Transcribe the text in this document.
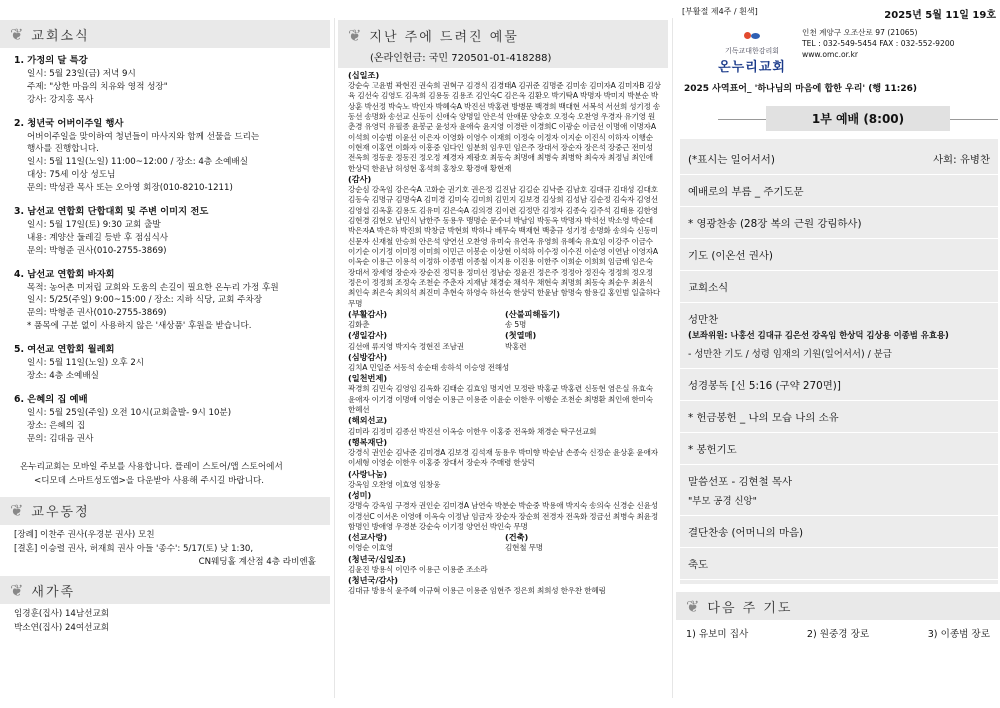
❦ 교회소식
1. 가정의 달 특강
일시: 5월 23일(금) 저녁 9시
주제: "상한 마음의 치유와 영적 성장"
강사: 강지홍 목사
2. 청년국 어버이주일 행사
어버이주일을 맞이하여 청년들이 마사지와 함께 선물을 드리는
행사를 진행합니다.
일시: 5월 11일(노일) 11:00~12:00 / 장소: 4층 소예배실
대상: 75세 이상 성도님
문의: 박성관 목사 또는 오아영 회장(010-8210-1211)
3. 남선교 연합회 단합대회 및 주변 이미지 전도
일시: 5월 17일(토) 9:30 교회 출발
내용: 계양산 둘레길 등반 후 점심식사
문의: 박형준 권사(010-2755-3869)
4. 남선교 연합회 바자회
목적: 농어촌 미저립 교회와 도움의 손길이 필요한 온누리 가정 후원
일시: 5/25(주일) 9:00~15:00 / 장소: 지하 식당, 교회 주차장
문의: 박형준 권사(010-2755-3869)
* 품목에 구분 없이 사용하지 않은 '새상품' 후원을 받습니다.
5. 여선교 연합회 월례회
일시: 5월 11일(노일) 오후 2시
장소: 4층 소예배실
6. 은혜의 집 예배
일시: 5월 25일(주일) 오전 10시(교회출발- 9시 10분)
장소: 은혜의 집
문의: 김대음 권사
온누리교회는 모바일 주보를 사용합니다. 플레이 스토어/앱 스토어에서
<디모데 스마트성도앱>을 다운받아 사용해 주시길 바랍니다.
❦ 교우동정
[장례] 이찬주 권사(우경분 권사) 모친
[결혼] 이승렬 권사, 허재희 권사 아들 '종수': 5/17(토) 낮 1:30,
CN웨딩홀 계산점 4층 라비엔홀
❦ 새가족
임경훈(집사) 14남선교회
박소연(집사) 24여선교회
❦ 지난 주에 드려진 예물
(온라인헌금: 국민 720501-01-418288)
(십일조)
강순숙 고윤범 곽현진 권숙희 권혁구 김경식 김경태A 김귀준 김명준 김미송 김미자A 김미자B 김상육 김선숙 김영도 김옥희 김용동 김용조 김인숙C 김은옥 김환오 박기탁A 박명자 박미지 박분순 박상훈 박선정 박숙노 박인자 박혜숙A 박진선 박홍련 방병문 백경희 백대현 서복석 서선희 성기정 송동선 송명화 송선교 신동이 신애숙 양명일 안은석 안애문 양숭호 오정숙 오찬영 우경자 유기영 원춘경 유영덕 유필종 윤봉군 윤성자 윤애숙 윤지영 이경란 이경희C 이광순 이금선 이명애 이명자A 이석희 이승범 이윤선 이은자 이영화 이영수 이재희 이정숙 이정자 이지순 이진식 이하자 이행순 이현재 이홍연 이화자 이흥중 임다인 임분희 임우민 임은주 장대서 장순자 장은석 장중근 전미성 전옥희 정동운 정동진 정오정 제경자 제광호 최동숙 최명애 최병숙 최병학 최숙자 최정님 최인애 한상덕 한윤남 허성현 홍석희 홍창오 황경애 황현재
(감사)
강순심 강옥임 강은숙A 고화순 권기호 권은정 길진남 김길순 김낙준 김남호 김대규 김대성 김대호 김동숙 김명규 김명숙A 김미경 김미숙 김미희 김민지 김보경 김상희 김성남 김순정 김숙자 김영선 김영섭 김옥훈 김용도 김유미 김은숙A 김의경 김이련 김정만 김정자 김종숙 김주석 김태용 김한영 김현경 김현오 남민식 남한주 동용우 맹명순 문수녀 박남임 박동옥 박명자 박석선 박소영 박순대 박은자A 박은하 박진희 박창금 박현희 박하나 배무숙 백재현 백충규 성기정 송명화 송의숙 신동미 신문자 신재철 안승희 안은석 양연선 오찬영 유미숙 유연옥 유영희 유혜숙 유효임 이강주 이금수 이기순 이기정 이미정 이미희 이민근 이봉순 이상현 이석하 이수정 이수진 이순영 이연남 이영자A 이옥순 이용근 이용석 이정하 이종범 이종철 이지용 이진용 이한주 이희순 이희희 임금배 임은숙 장대서 장세영 장순자 장순진 정덕용 정미선 정남순 정윤진 정은주 정정아 정진숙 정정희 정오정 정은이 정정희 조정숙 조천순 주춘자 지재남 채경순 채석우 채현숙 최명희 최동숙 최순우 최윤식 최인숙 최은숙 최의석 최진미 추현숙 하영숙 하선숙 한상덕 한윤남 함명숙 함용길 홍인범 일출하다 무명
(부활감사)
김화춘
(산불피해돕기)
송 5명
(생일감사)
김선애 류지영 박지숙 정현진 조남권
(첫열매)
박홍련
(심방감사)
김치A 민일준 서동석 송순태 송하석 이승영 전해성
(일천번제)
곽경희 김민숙 김영임 김옥화 김태순 김효임 명지연 모정란 박홍균 박홍련 신동현 염은실 유효숙 윤애자 이기경 이명애 이영순 이용근 이용준 이윤순 이한우 이행순 조천순 최병환 최인애 한미숙 한혜선
(해외선교)
김미라 김정미 김종선 박진선 이옥승 이한우 이홍중 전옥화 채경순 탁구선교회
(행복재단)
강경식 권인순 김낙준 김미경A 김보경 김석재 동용우 박미향 박순남 손종숙 신정순 윤상훈 윤애자 이세형 이영순 이한우 이홍중 장대서 장순자 주매령 한상덕
(사랑나눔)
강옥임 오찬영 이효영 임창웅
(성미)
강명숙 강옥임 구경자 권인순 김미경A 남연숙 박분순 박순중 박용애 박지숙 송의숙 신경순 신윤성 이경선C 이서온 이영애 이옥숙 이정남 임금자 장순자 장순희 전경자 전옥화 정금선 최병숙 최윤정 함명인 방애영 우경분 강순숙 이기정 양연선 박인숙 무명
(선교사랑)
이영순 이효영
(건축)
김현철 무명
(청년국/십일조)
김윤진 방용식 이민주 이용근 이용준 조소라
(청년국/감사)
김대규 방용식 윤주혜 이규혁 이용근 이용준 임현주 정은희 최희성 한우찬 한혜림
[부활절 제4주 / 흰색]	2025년 5월 11일 19호
기독교대한감리회
온누리교회
인천 계양구 오조산로 97 (21065)
TEL : 032-549-5454 FAX : 032-552-9200
www.omc.or.kr
2025 사역표어_ '하나님의 마음에 합한 우리' (행 11:26)
1부 예배 (8:00)
(*표시는 일어서서)	사회: 유병찬
예배로의 부름 _ 주기도문
* 영광찬송 (28장 복의 근원 강림하사)
기도 (이온선 권사)
교회소식
성만찬
(보좌위원: 나홍선 김대규 김은선 강옥임 한상덕 김상용 이종범 유효용)
- 성만찬 기도 / 성령 임재의 기원(일어서서) / 분급
성경봉독 [신 5:16 (구약 270면)]
* 헌금봉헌 _ 나의 모습 나의 소유
* 봉헌기도
말씀선포 - 김현철 목사
"부모 공경 신앙"
결단찬송 (어머니의 마음)
축도
❦ 다음 주 기도
1) 유보미 집사	2) 원중경 장로	3) 이종범 장로
